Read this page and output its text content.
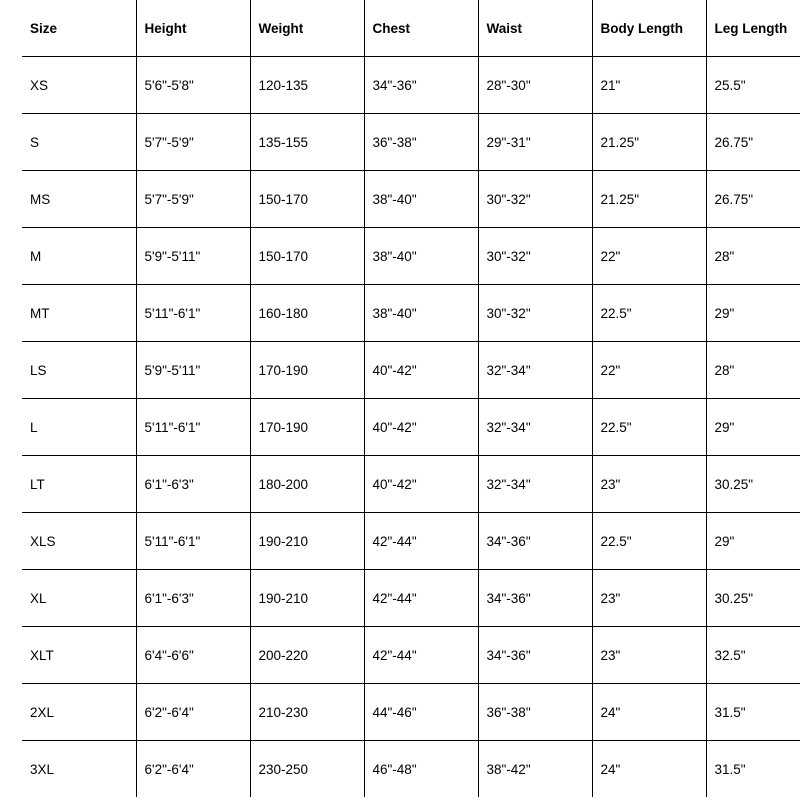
Size	Height	Weight	Chest	Waist	Body Length	Leg Length
XS	5'6"-5'8"	120-135	34"-36"	28"-30"	21"	25.5"
S	5'7"-5'9"	135-155	36"-38"	29"-31"	21.25"	26.75"
MS	5'7"-5'9"	150-170	38"-40"	30"-32"	21.25"	26.75"
M	5'9"-5'11"	150-170	38"-40"	30"-32"	22"	28"
MT	5'11"-6'1"	160-180	38"-40"	30"-32"	22.5"	29"
LS	5'9"-5'11"	170-190	40"-42"	32"-34"	22"	28"
L	5'11"-6'1"	170-190	40"-42"	32"-34"	22.5"	29"
LT	6'1"-6'3"	180-200	40"-42"	32"-34"	23"	30.25"
XLS	5'11"-6'1"	190-210	42"-44"	34"-36"	22.5"	29"
XL	6'1"-6'3"	190-210	42"-44"	34"-36"	23"	30.25"
XLT	6'4"-6'6"	200-220	42"-44"	34"-36"	23"	32.5"
2XL	6'2"-6'4"	210-230	44"-46"	36"-38"	24"	31.5"
3XL	6'2"-6'4"	230-250	46"-48"	38"-42"	24"	31.5"
